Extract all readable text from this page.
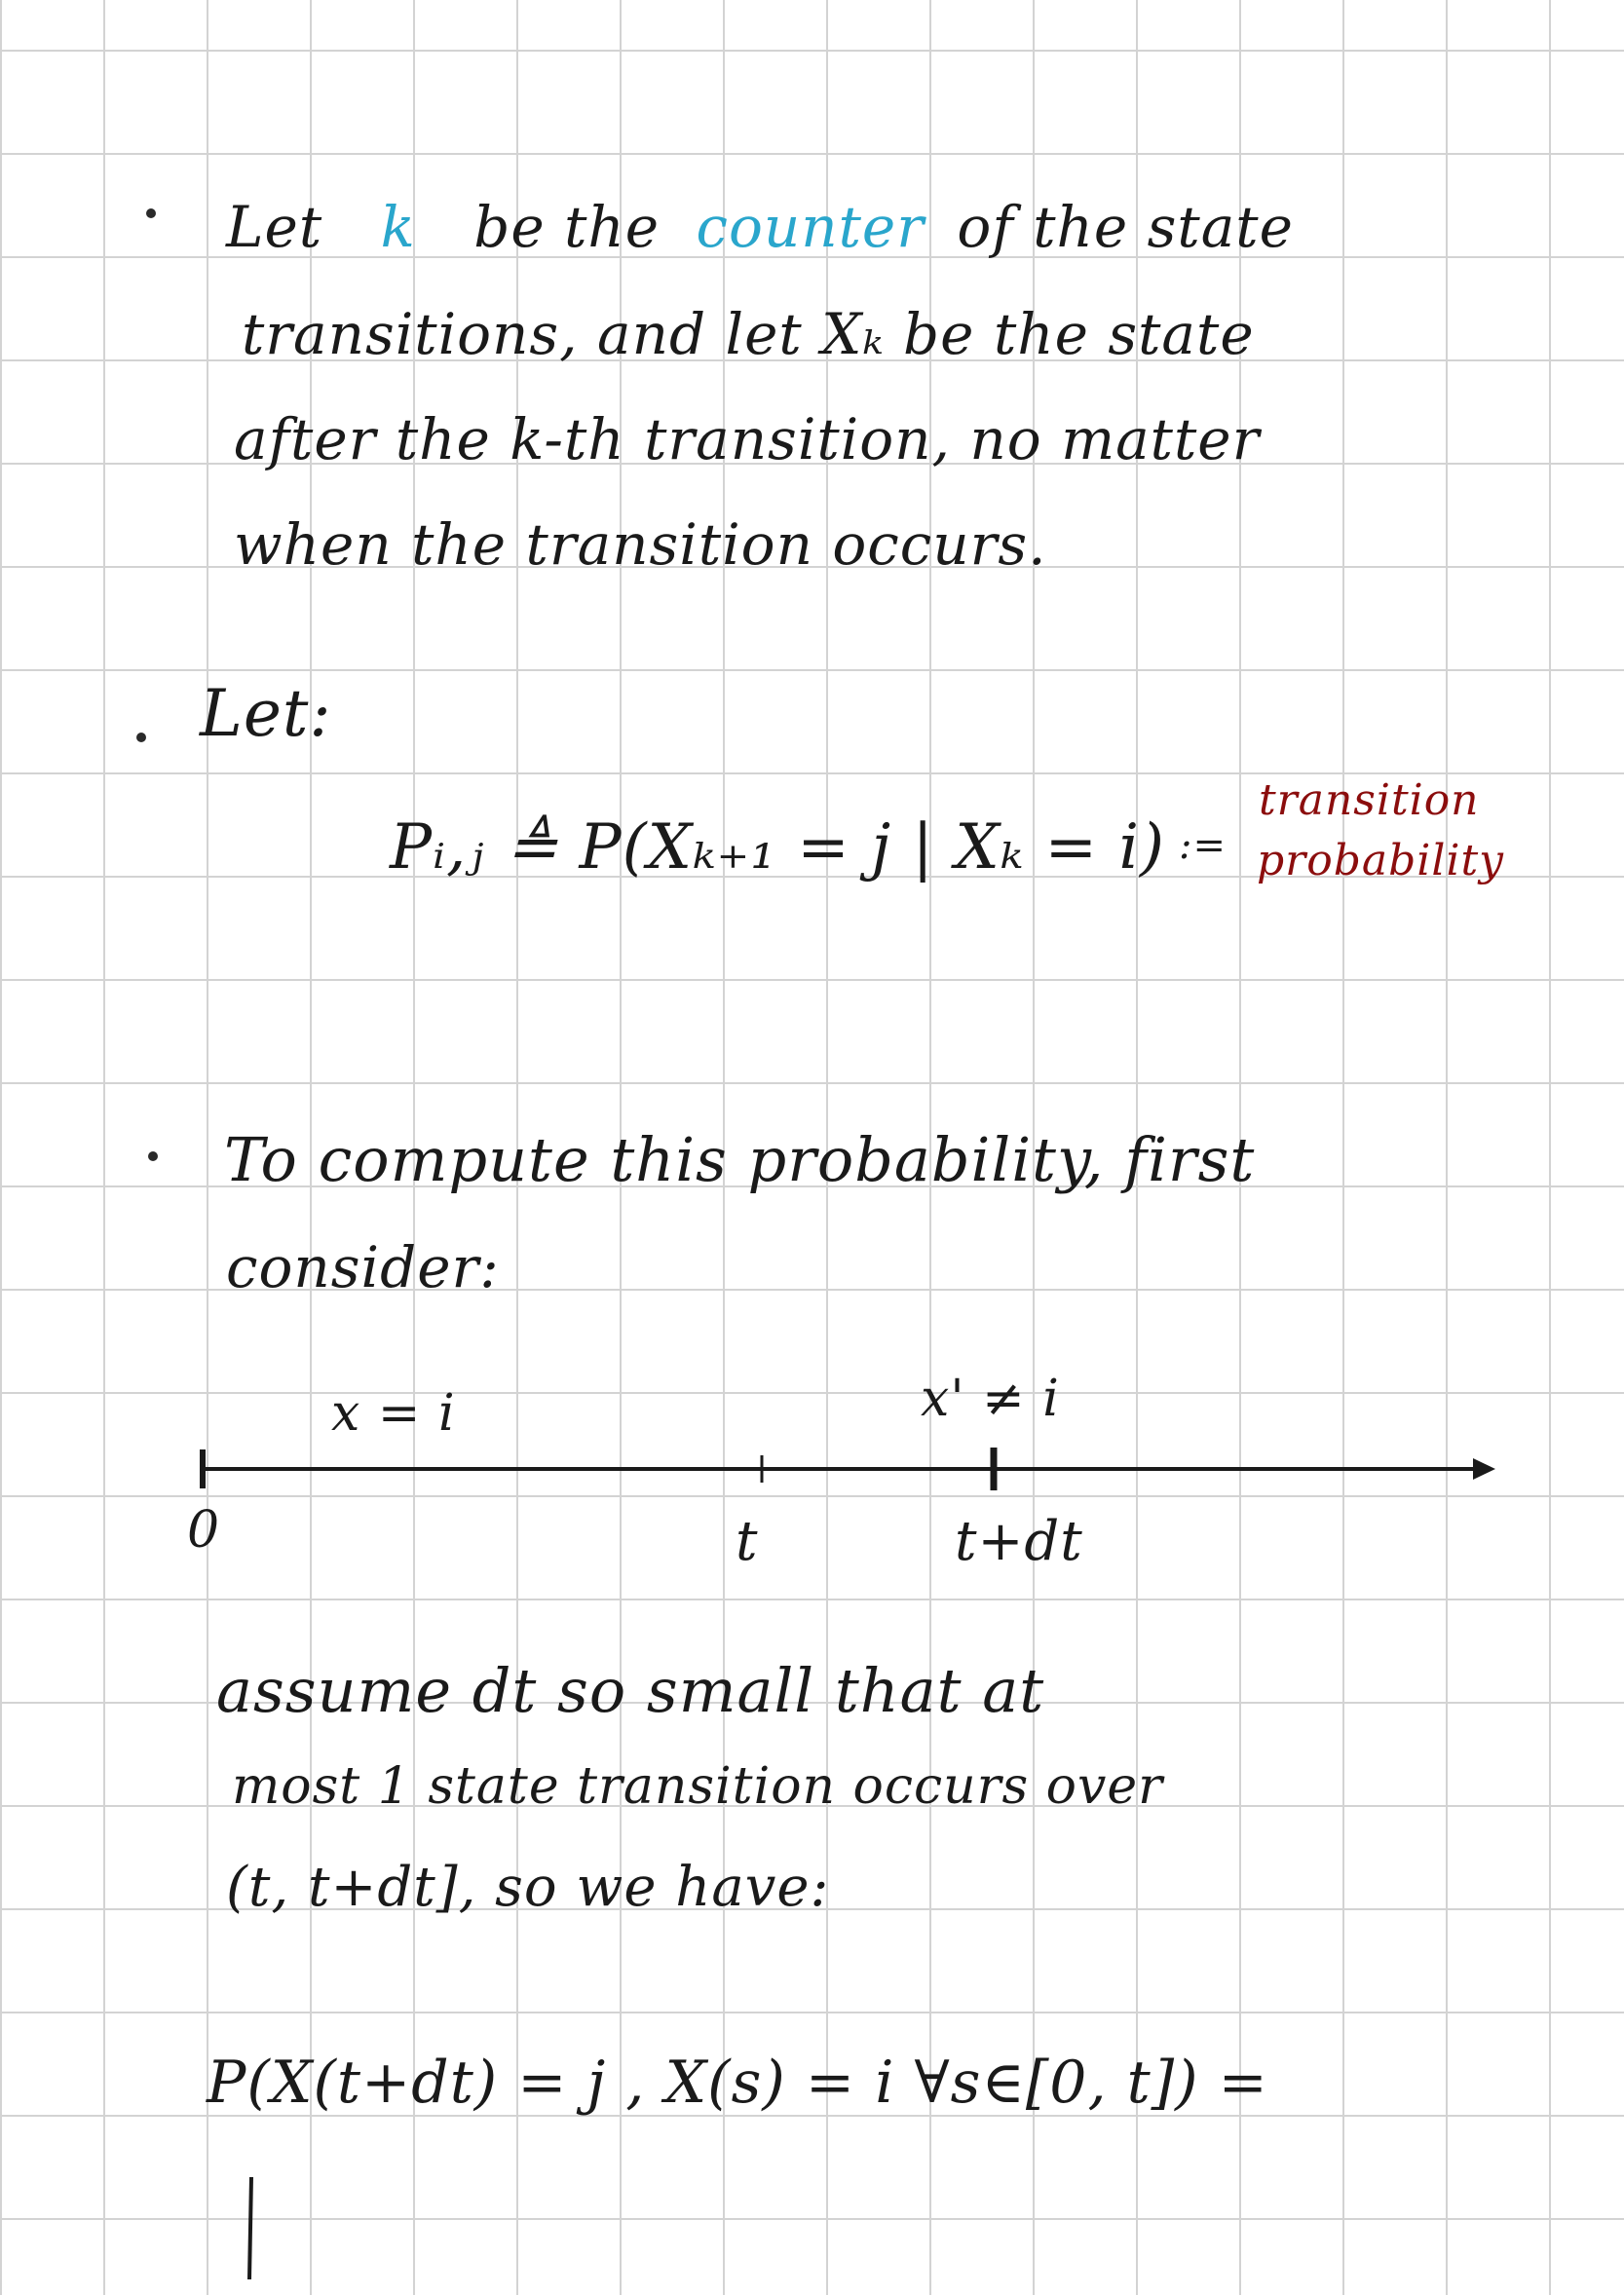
Let k be the counter of the state
transitions, and let Xₖ be the state
after the k-th transition, no matter
when the transition occurs.
Let:
Pᵢ,ⱼ ≜ P(Xₖ₊₁ = j | Xₖ = i) :=
transition
probability
To compute this probability, first
consider:
x = i	x' ≠ i
0	t	t+dt
assume dt so small that at
most 1 state transition occurs over
(t, t+dt], so we have:
P(X(t+dt) = j , X(s) = i ∀s∈[0, t]) =
